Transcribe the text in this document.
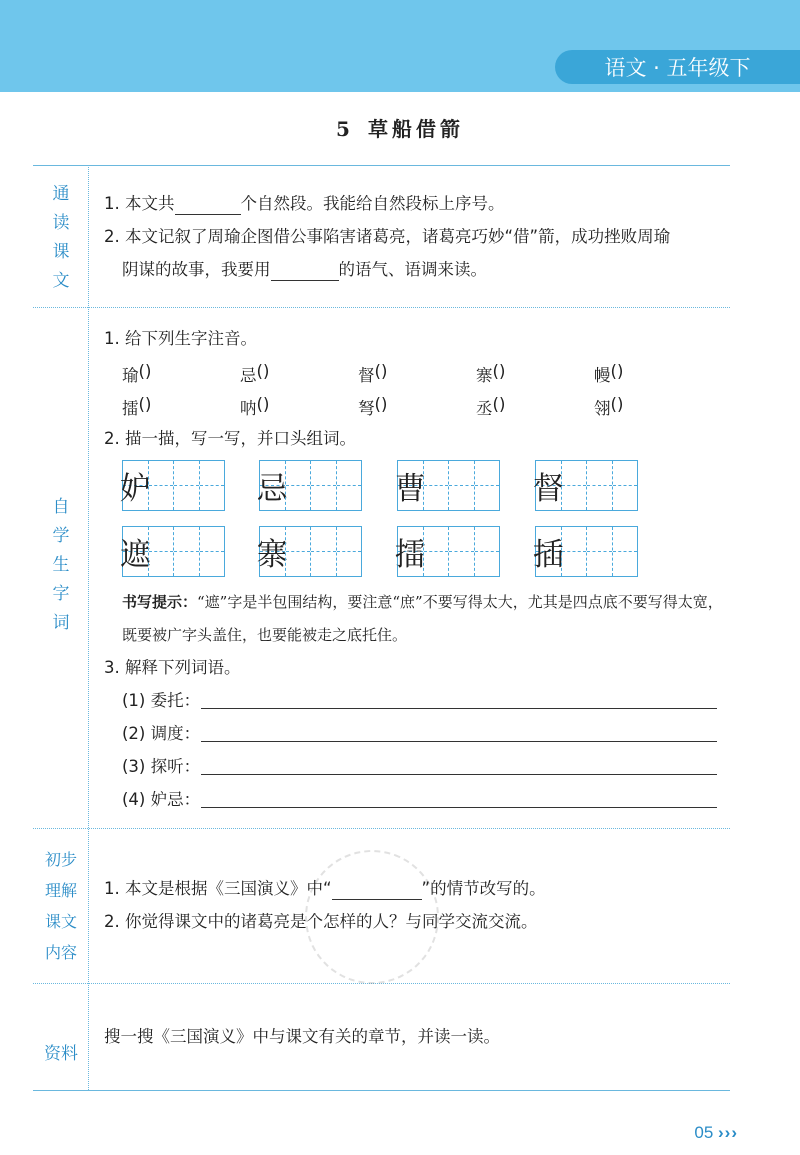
语文 · 五年级下
5 草船借箭
通
读
课
文
1. 本文共	个自然段。我能给自然段标上序号。
2. 本文记叙了周瑜企图借公事陷害诸葛亮，诸葛亮巧妙“借”箭，成功挫败周瑜
阴谋的故事，我要用	的语气、语调来读。
自
学
生
字
词
1. 给下列生字注音。
瑜 ()	忌 ()	督 ()	寨 ()	幔 ()
擂 ()	呐 ()	弩 ()	丞 ()	翎 ()
2. 描一描，写一写，并口头组词。
妒	忌	曹	督
遮	寨	擂	插
书写提示：“遮”字是半包围结构，要注意“庶”不要写得太大，尤其是四点底不要写得太宽，既要被广字头盖住，也要能被走之底托住。
3. 解释下列词语。
(1) 委托：
(2) 调度：
(3) 探听：
(4) 妒忌：
初步
理解
课文
内容
1. 本文是根据《三国演义》中“	”的情节改写的。
2. 你觉得课文中的诸葛亮是个怎样的人？与同学交流交流。
资料
搜一搜《三国演义》中与课文有关的章节，并读一读。
05 ›››
